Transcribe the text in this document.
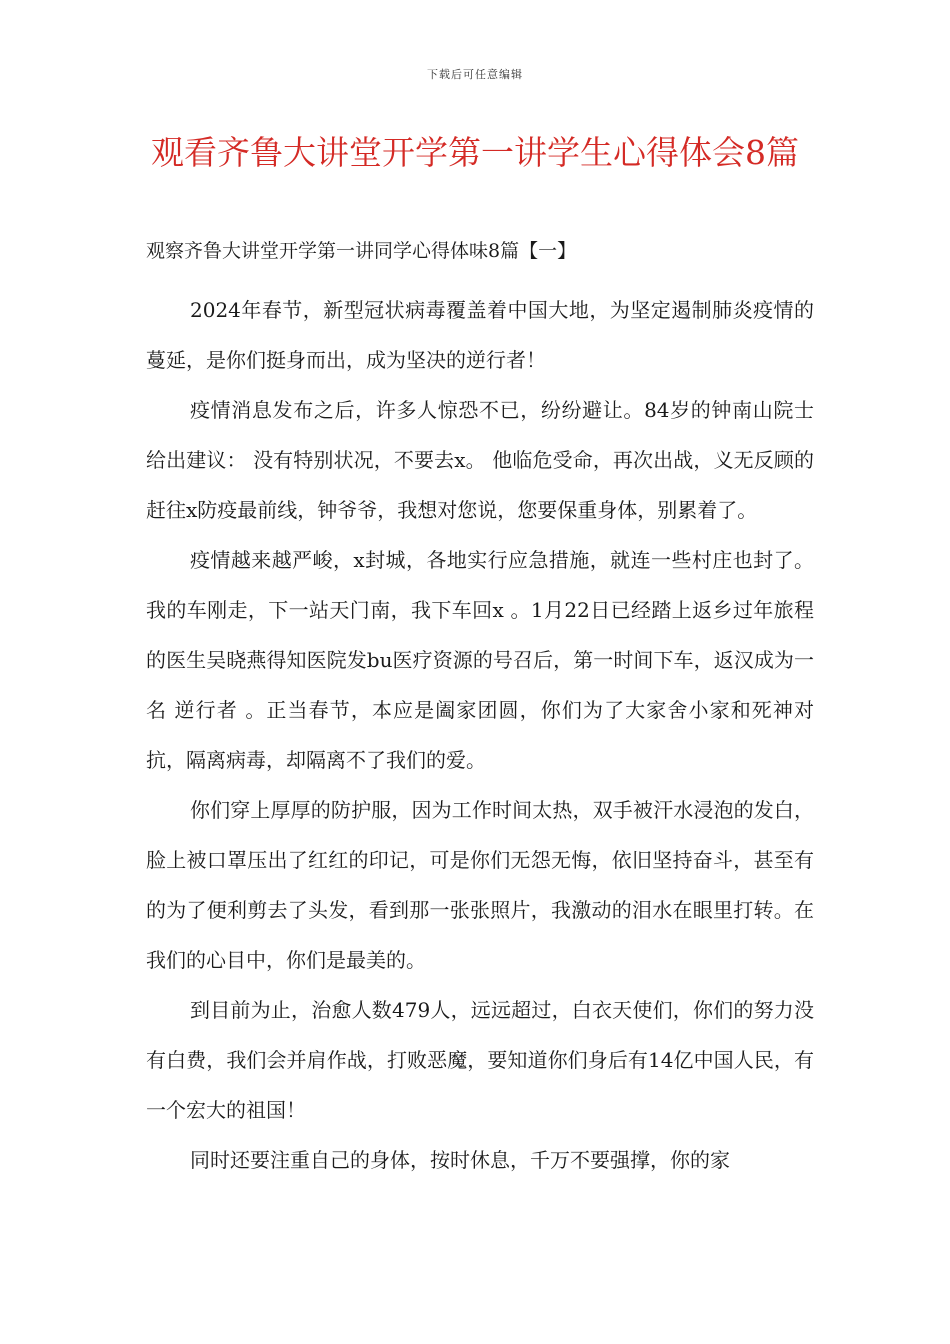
下载后可任意编辑
观看齐鲁大讲堂开学第一讲学生心得体会8篇

观察齐鲁大讲堂开学第一讲同学心得体味8篇【一】

2024年春节，新型冠状病毒覆盖着中国大地，为坚定遏制肺炎疫情的蔓延，是你们挺身而出，成为坚决的逆行者！

疫情消息发布之后，许多人惊恐不已，纷纷避让。84岁的钟南山院士给出建议： 没有特别状况，不要去x。 他临危受命，再次出战，义无反顾的赶往x防疫最前线，钟爷爷，我想对您说，您要保重身体，别累着了。

疫情越来越严峻，x封城，各地实行应急措施，就连一些村庄也封了。 我的车刚走，下一站天门南，我下车回x 。1月22日已经踏上返乡过年旅程的医生吴晓燕得知医院发bu医疗资源的号召后，第一时间下车，返汉成为一名 逆行者 。正当春节，本应是阖家团圆，你们为了大家舍小家和死神对抗，隔离病毒，却隔离不了我们的爱。

你们穿上厚厚的防护服，因为工作时间太热，双手被汗水浸泡的发白，脸上被口罩压出了红红的印记，可是你们无怨无悔，依旧坚持奋斗，甚至有的为了便利剪去了头发，看到那一张张照片，我激动的泪水在眼里打转。在我们的心目中，你们是最美的。

到目前为止，治愈人数479人，远远超过，白衣天使们，你们的努力没有白费，我们会并肩作战，打败恶魔，要知道你们身后有14亿中国人民，有一个宏大的祖国！

同时还要注重自己的身体，按时休息，千万不要强撑，你的家
